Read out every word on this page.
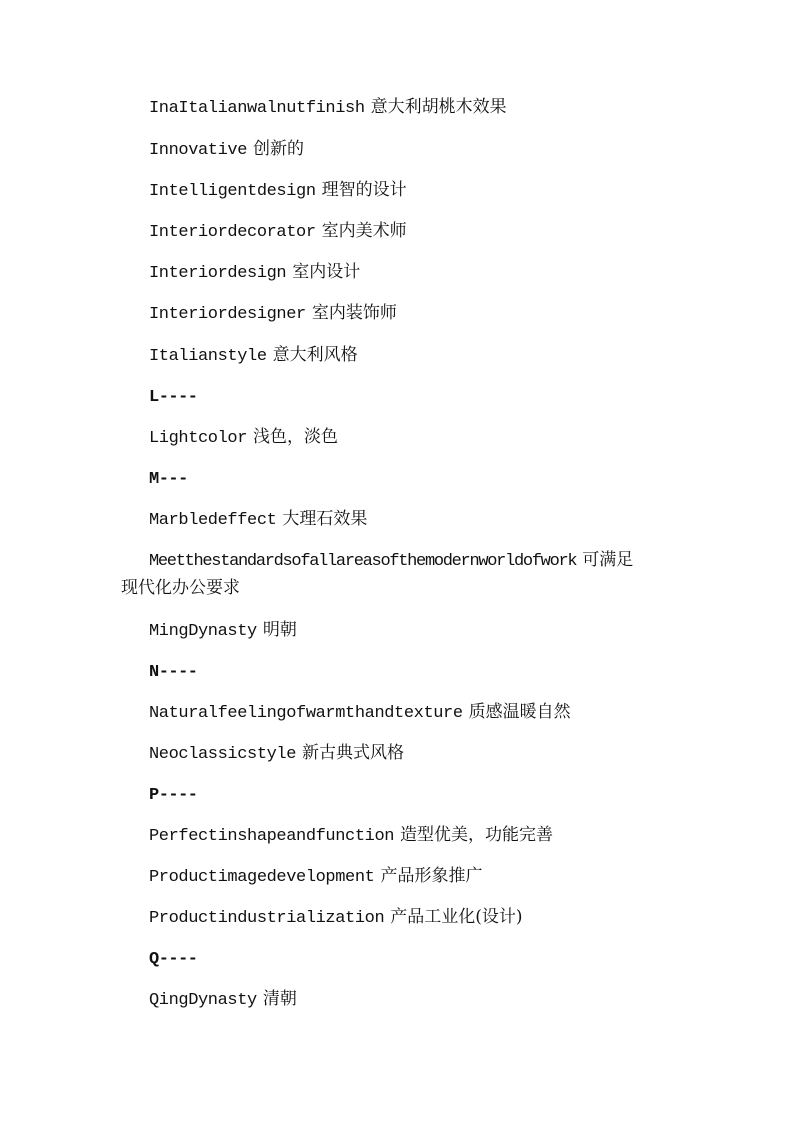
InaItalianwalnutfinish 意大利胡桃木效果
Innovative 创新的
Intelligentdesign 理智的设计
Interiordecorator 室内美术师
Interiordesign 室内设计
Interiordesigner 室内装饰师
Italianstyle 意大利风格
L----
Lightcolor 浅色，淡色
M---
Marbledeffect 大理石效果
Meetthestandardsofallareasofthemodernworldofwork 可满足
现代化办公要求
MingDynasty 明朝
N----
Naturalfeelingofwarmthandtexture 质感温暖自然
Neoclassicstyle 新古典式风格
P----
Perfectinshapeandfunction 造型优美，功能完善
Productimagedevelopment 产品形象推广
Productindustrialization 产品工业化(设计)
Q----
QingDynasty 清朝
